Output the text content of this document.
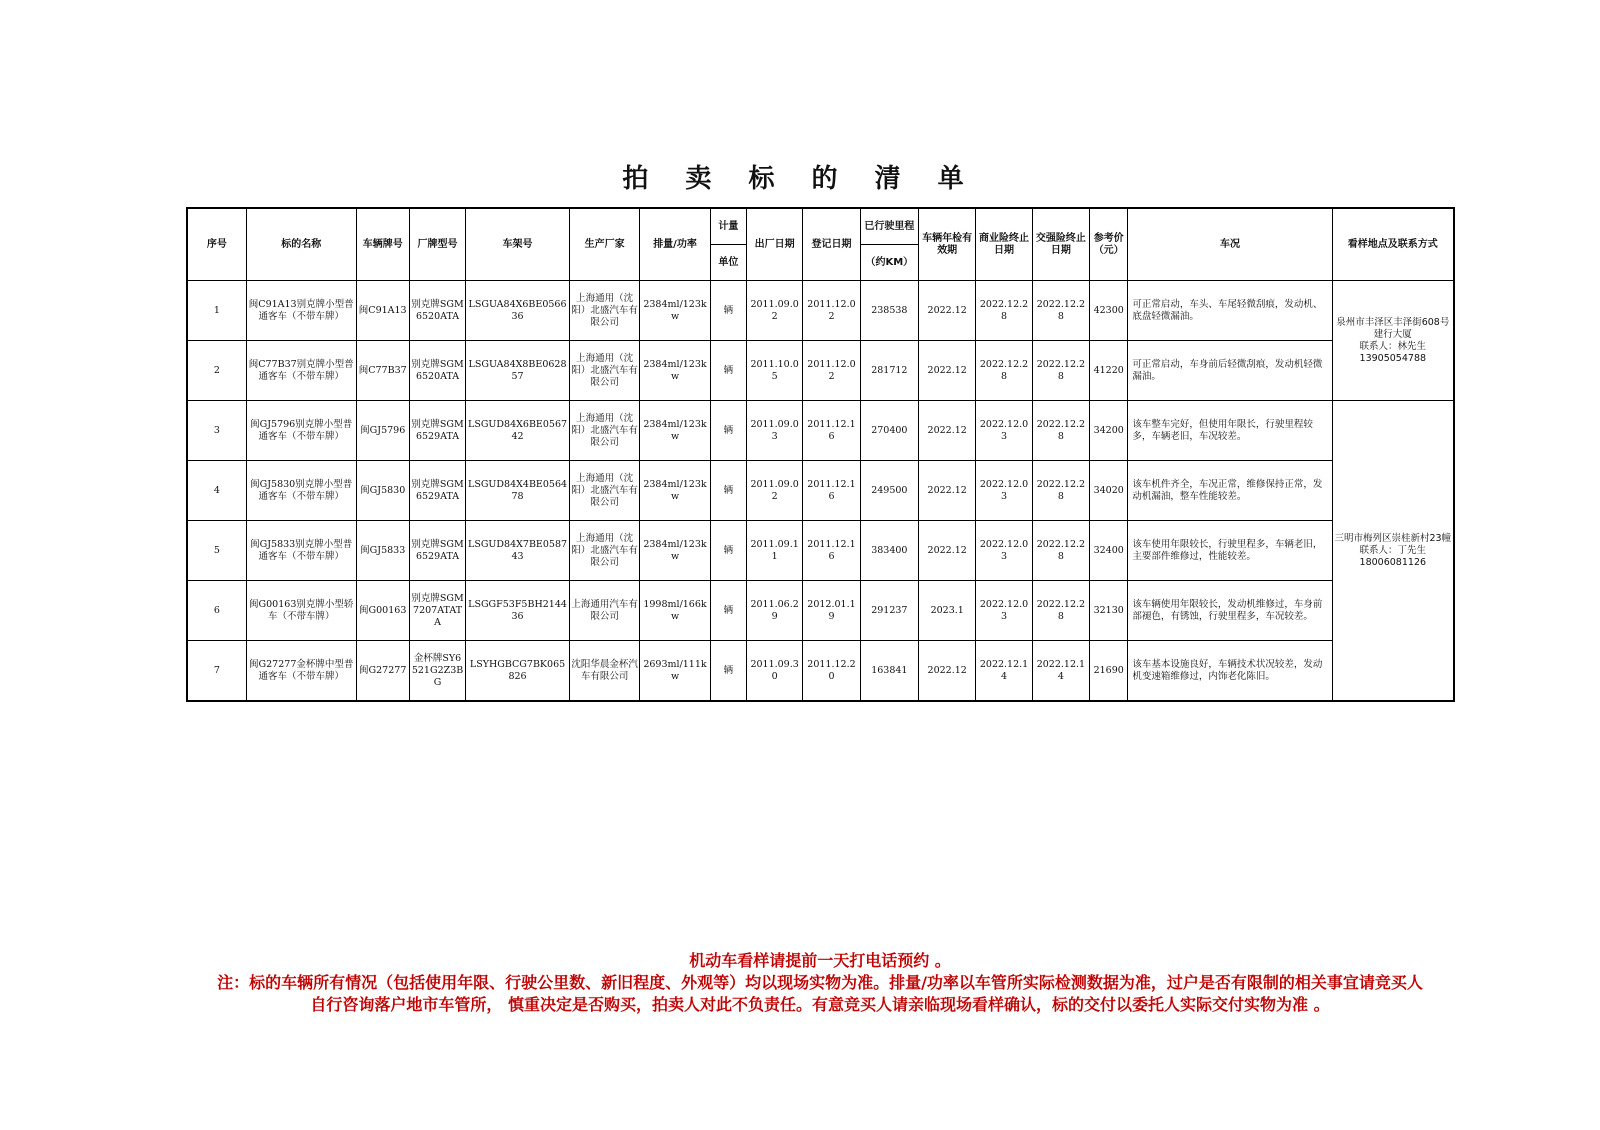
拍 卖 标 的 清 单
序号	标的名称	车辆牌号	厂牌型号	车架号	生产厂家	排量/功率	计量	出厂日期	登记日期	已行驶里程	车辆年检有效期	商业险终止日期	交强险终止日期	参考价（元）	车况	看样地点及联系方式
							单位			（约KM）						
1	闽C91A13别克牌小型普通客车（不带车牌）	闽C91A13	别克牌SGM6520ATA	LSGUA84X6BE056636	上海通用（沈阳）北盛汽车有限公司	2384ml/123kw	辆	2011.09.02	2011.12.02	238538	2022.12	2022.12.28	2022.12.28	42300	可正常启动，车头、车尾轻微刮痕，发动机、底盘轻微漏油。	泉州市丰泽区丰泽街608号建行大厦
联系人：林先生
13905054788

2	闽C77B37别克牌小型普通客车（不带车牌）	闽C77B37	别克牌SGM6520ATA	LSGUA84X8BE062857	上海通用（沈阳）北盛汽车有限公司	2384ml/123kw	辆	2011.10.05	2011.12.02	281712	2022.12	2022.12.28	2022.12.28	41220	可正常启动，车身前后轻微刮痕，发动机轻微漏油。	
3	闽GJ5796别克牌小型普通客车（不带车牌）	闽GJ5796	别克牌SGM6529ATA	LSGUD84X6BE056742	上海通用（沈阳）北盛汽车有限公司	2384ml/123kw	辆	2011.09.03	2011.12.16	270400	2022.12	2022.12.03	2022.12.28	34200	该车整车完好，但使用年限长，行驶里程较多，车辆老旧，车况较差。	三明市梅列区崇桂新村23幢
联系人：丁先生
18006081126

4	闽GJ5830别克牌小型普通客车（不带车牌）	闽GJ5830	别克牌SGM6529ATA	LSGUD84X4BE056478	上海通用（沈阳）北盛汽车有限公司	2384ml/123kw	辆	2011.09.02	2011.12.16	249500	2022.12	2022.12.03	2022.12.28	34020	该车机件齐全，车况正常，维修保持正常，发动机漏油，整车性能较差。	
5	闽GJ5833别克牌小型普通客车（不带车牌）	闽GJ5833	别克牌SGM6529ATA	LSGUD84X7BE058743	上海通用（沈阳）北盛汽车有限公司	2384ml/123kw	辆	2011.09.11	2011.12.16	383400	2022.12	2022.12.03	2022.12.28	32400	该车使用年限较长，行驶里程多，车辆老旧，主要部件维修过，性能较差。	
6	闽G00163别克牌小型轿车（不带车牌）	闽G00163	别克牌SGM7207ATATA	LSGGF53F5BH214436	上海通用汽车有限公司	1998ml/166kw	辆	2011.06.29	2012.01.19	291237	2023.1	2022.12.03	2022.12.28	32130	该车辆使用年限较长，发动机维修过，车身前部褪色，有锈蚀，行驶里程多，车况较差。	
7	闽G27277金杯牌中型普通客车（不带车牌）	闽G27277	金杯牌SY6521G2Z3BG	LSYHGBCG7BK065826	沈阳华晨金杯汽车有限公司	2693ml/111kw	辆	2011.09.30	2011.12.20	163841	2022.12	2022.12.14	2022.12.14	21690	该车基本设施良好，车辆技术状况较差，发动机变速箱维修过，内饰老化陈旧。	
机动车看样请提前一天打电话预约 。
注：标的车辆所有情况（包括使用年限、行驶公里数、新旧程度、外观等）均以现场实物为准。排量/功率以车管所实际检测数据为准，过户是否有限制的相关事宜请竞买人自行咨询落户地市车管所， 慎重决定是否购买，拍卖人对此不负责任。有意竞买人请亲临现场看样确认，标的交付以委托人实际交付实物为准 。
